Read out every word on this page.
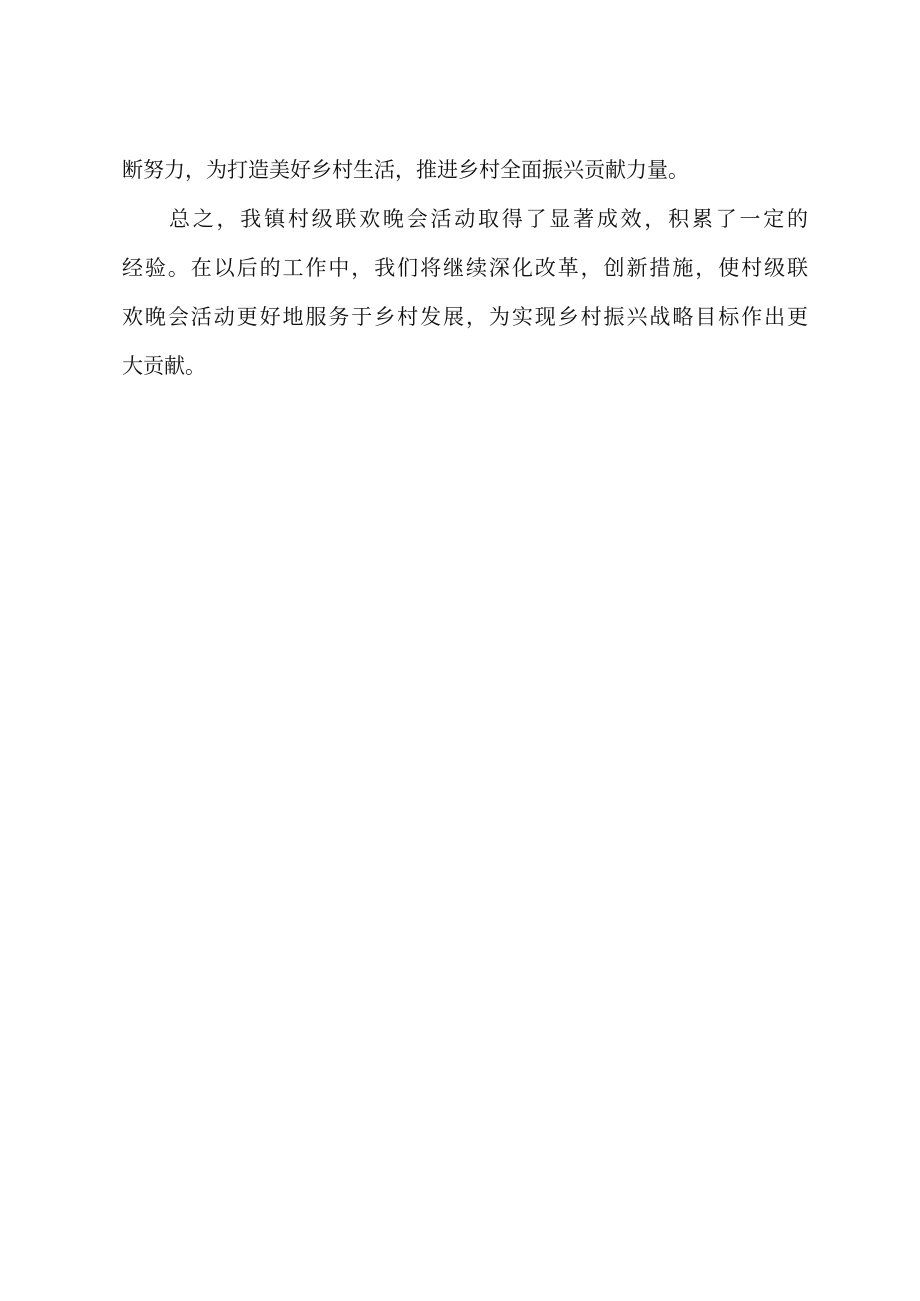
断努力，为打造美好乡村生活，推进乡村全面振兴贡献力量。
总之，我镇村级联欢晚会活动取得了显著成效，积累了一定的
经验。在以后的工作中，我们将继续深化改革，创新措施，使村级联
欢晚会活动更好地服务于乡村发展，为实现乡村振兴战略目标作出更
大贡献。
